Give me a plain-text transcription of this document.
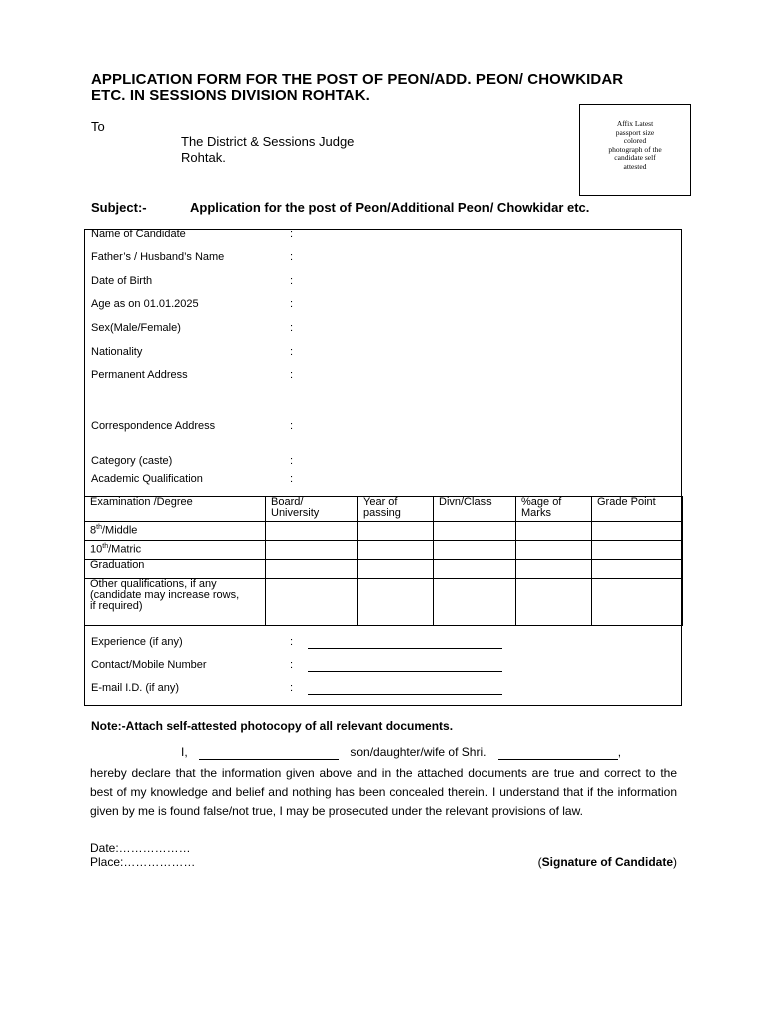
APPLICATION FORM FOR THE POST OF PEON/ADD. PEON/ CHOWKIDAR
ETC. IN SESSIONS DIVISION ROHTAK.
To
The District & Sessions Judge
Rohtak.
Affix Latest
passport size
colored
photograph of the
candidate self
attested
Subject:-	Application for the post of Peon/Additional Peon/ Chowkidar etc.
Name of Candidate	:
Father’s / Husband’s Name	:
Date of Birth	:
Age as on 01.01.2025	:
Sex(Male/Female)	:
Nationality	:
Permanent Address	:
Correspondence Address	:
Category (caste)	:
Academic Qualification	:
Examination /Degree	Board/ University	Year of passing	Divn/Class	%age of Marks	Grade Point
8th/Middle					
10th/Matric					
Graduation					

Other qualifications, if any (candidate may increase rows, if required)					

Experience (if any)	:
Contact/Mobile Number	:
E-mail I.D. (if any)	:
Note:-Attach self-attested photocopy of all relevant documents.
I,	son/daughter/wife of Shri.	,
hereby declare that the information given above and in the attached documents are true and correct to the best of my knowledge and belief and nothing has been concealed therein. I understand that if the information given by me is found false/not true, I may be prosecuted under the relevant provisions of law.
Date:………………
Place:………………	(Signature of Candidate)
